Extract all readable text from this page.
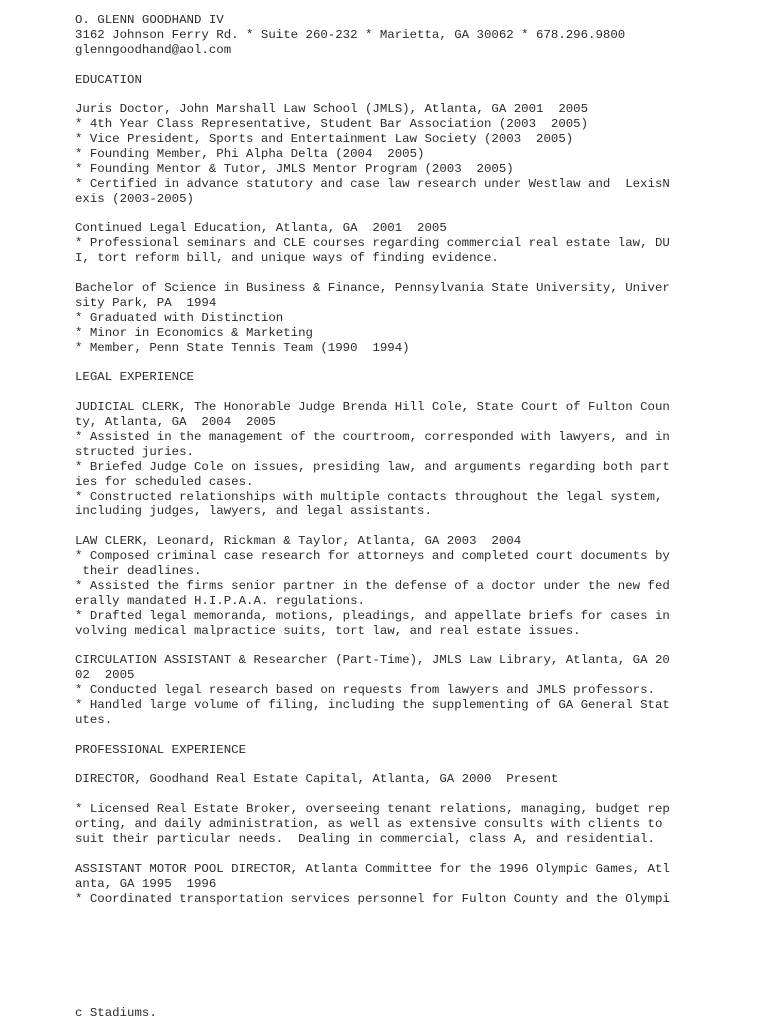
O. GLENN GOODHAND IV
3162 Johnson Ferry Rd. * Suite 260-232 * Marietta, GA 30062 * 678.296.9800
glenngoodhand@aol.com
EDUCATION
Juris Doctor, John Marshall Law School (JMLS), Atlanta, GA 2001  2005
* 4th Year Class Representative, Student Bar Association (2003  2005)
* Vice President, Sports and Entertainment Law Society (2003  2005)
* Founding Member, Phi Alpha Delta (2004  2005)
* Founding Mentor & Tutor, JMLS Mentor Program (2003  2005)
* Certified in advance statutory and case law research under Westlaw and  LexisN
exis (2003-2005)
Continued Legal Education, Atlanta, GA  2001  2005
* Professional seminars and CLE courses regarding commercial real estate law, DU
I, tort reform bill, and unique ways of finding evidence.
Bachelor of Science in Business & Finance, Pennsylvania State University, Univer
sity Park, PA  1994
* Graduated with Distinction
* Minor in Economics & Marketing
* Member, Penn State Tennis Team (1990  1994)
LEGAL EXPERIENCE
JUDICIAL CLERK, The Honorable Judge Brenda Hill Cole, State Court of Fulton Coun
ty, Atlanta, GA  2004  2005
* Assisted in the management of the courtroom, corresponded with lawyers, and in
structed juries.
* Briefed Judge Cole on issues, presiding law, and arguments regarding both part
ies for scheduled cases.
* Constructed relationships with multiple contacts throughout the legal system,
including judges, lawyers, and legal assistants.
LAW CLERK, Leonard, Rickman & Taylor, Atlanta, GA 2003  2004
* Composed criminal case research for attorneys and completed court documents by
their deadlines.
* Assisted the firms senior partner in the defense of a doctor under the new fed
erally mandated H.I.P.A.A. regulations.
* Drafted legal memoranda, motions, pleadings, and appellate briefs for cases in
volving medical malpractice suits, tort law, and real estate issues.
CIRCULATION ASSISTANT & Researcher (Part-Time), JMLS Law Library, Atlanta, GA 20
02  2005
* Conducted legal research based on requests from lawyers and JMLS professors.
* Handled large volume of filing, including the supplementing of GA General Stat
utes.
PROFESSIONAL EXPERIENCE
DIRECTOR, Goodhand Real Estate Capital, Atlanta, GA 2000  Present
* Licensed Real Estate Broker, overseeing tenant relations, managing, budget rep
orting, and daily administration, as well as extensive consults with clients to
suit their particular needs.  Dealing in commercial, class A, and residential.
ASSISTANT MOTOR POOL DIRECTOR, Atlanta Committee for the 1996 Olympic Games, Atl
anta, GA 1995  1996
* Coordinated transportation services personnel for Fulton County and the Olympi
c Stadiums.
